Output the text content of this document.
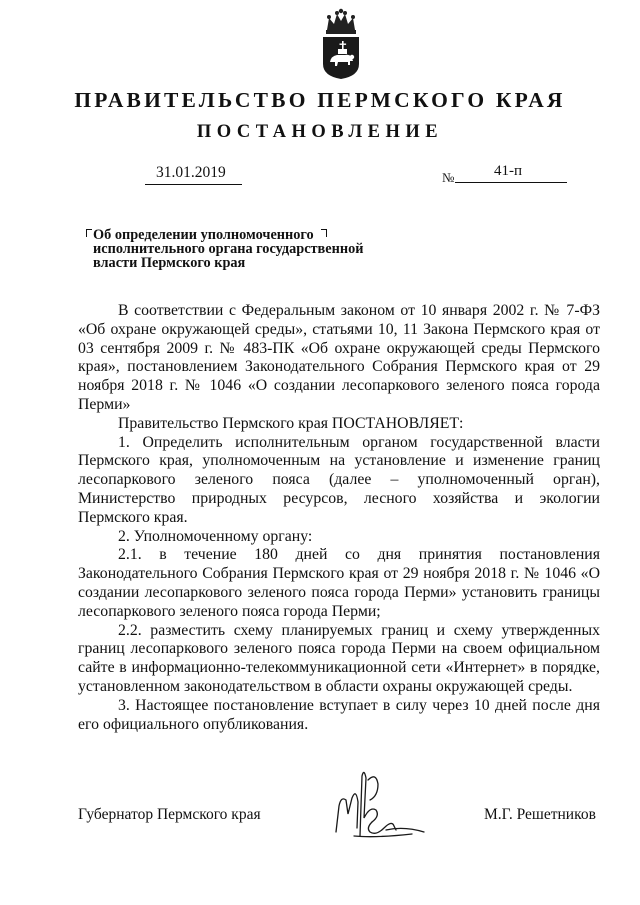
ПРАВИТЕЛЬСТВО ПЕРМСКОГО КРАЯ
ПОСТАНОВЛЕНИЕ
31.01.2019	№	41-п
Об определении уполномоченного
исполнительного органа государственной
власти Пермского края

В соответствии с Федеральным законом от 10 января 2002 г. № 7-ФЗ «Об охране окружающей среды», статьями 10, 11 Закона Пермского края от 03 сентября 2009 г. № 483-ПК «Об охране окружающей среды Пермского края», постановлением Законодательного Собрания Пермского края от 29 ноября 2018 г. № 1046 «О создании лесопаркового зеленого пояса города Перми»

Правительство Пермского края ПОСТАНОВЛЯЕТ:

1. Определить исполнительным органом государственной власти Пермского края, уполномоченным на установление и изменение границ лесопаркового зеленого пояса (далее – уполномоченный орган), Министерство природных ресурсов, лесного хозяйства и экологии Пермского края.

2. Уполномоченному органу:

2.1. в течение 180 дней со дня принятия постановления Законодательного Собрания Пермского края от 29 ноября 2018 г. № 1046 «О создании лесопаркового зеленого пояса города Перми» установить границы лесопаркового зеленого пояса города Перми;

2.2. разместить схему планируемых границ и схему утвержденных границ лесопаркового зеленого пояса города Перми на своем официальном сайте в информационно-телекоммуникационной сети «Интернет» в порядке, установленном законодательством в области охраны окружающей среды.

3. Настоящее постановление вступает в силу через 10 дней после дня его официального опубликования.

Губернатор Пермского края	М.Г. Решетников
